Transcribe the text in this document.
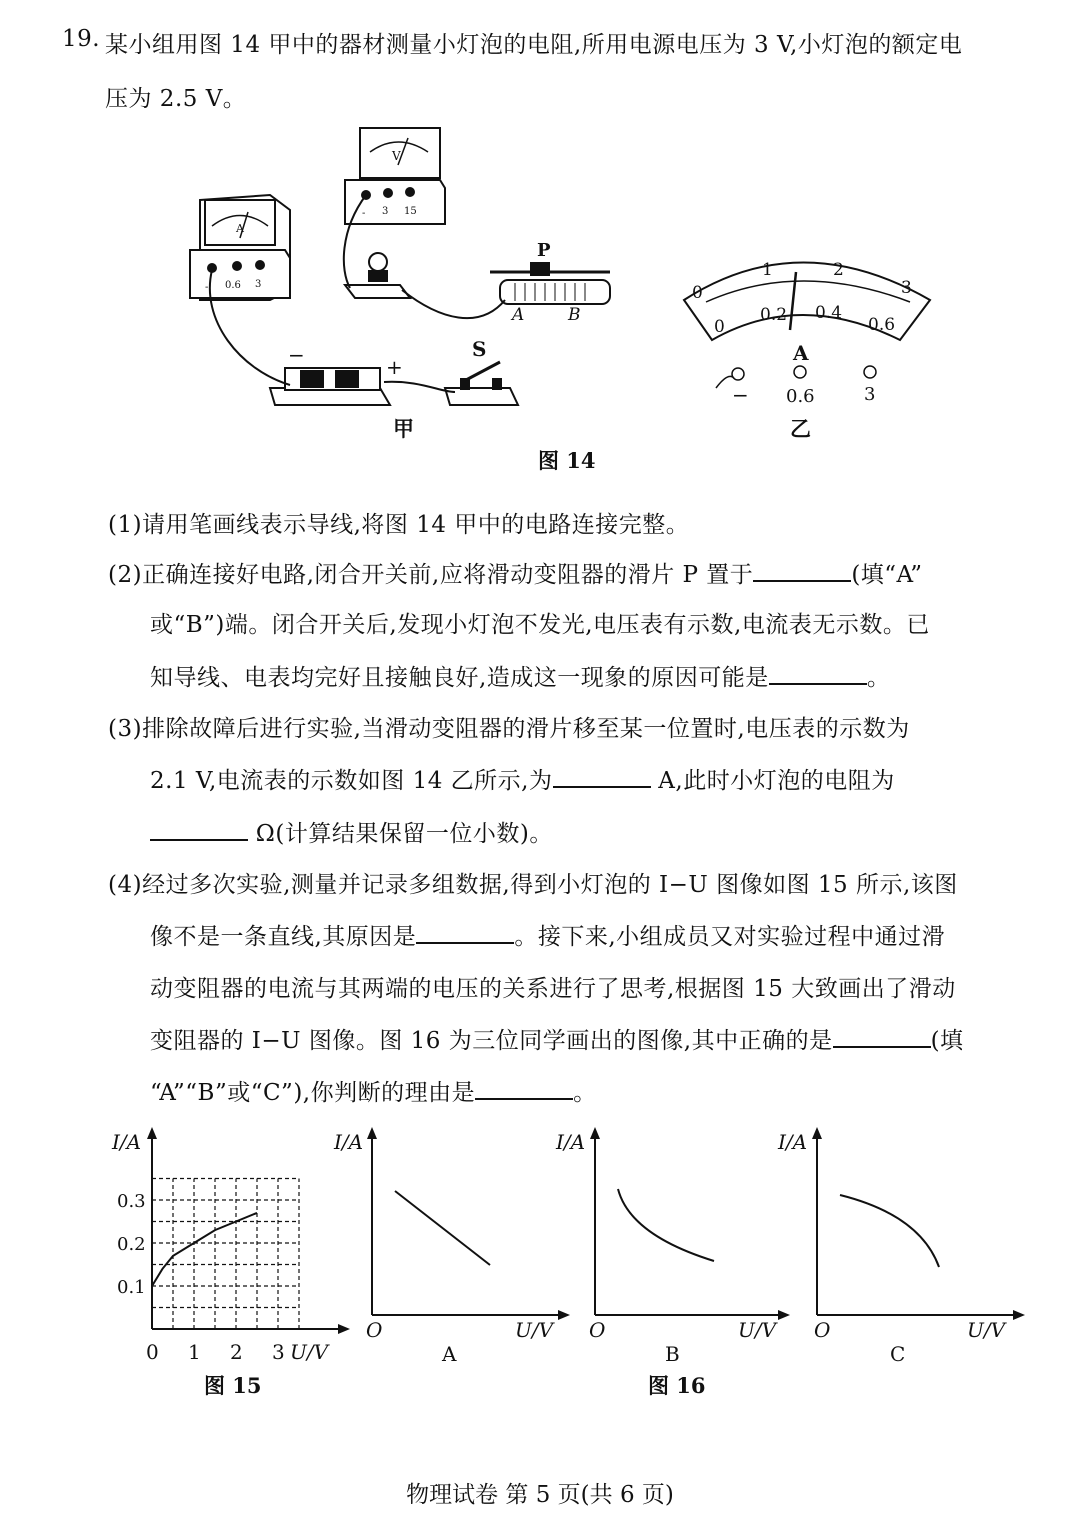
19. 某小组用图 14 甲中的器材测量小灯泡的电阻,所用电源电压为 3 V,小灯泡的额定电
压为 2.5 V。
A
- 0.6 3
V
- 3 15
P
A	B
−	+
S
甲
0
1	2
3
0
0.2 0.4
0.6
A
− 0.6	3
乙
图 14
(1)请用笔画线表示导线,将图 14 甲中的电路连接完整。
(2)正确连接好电路,闭合开关前,应将滑动变阻器的滑片 P 置于	(填“A”
或“B”)端。闭合开关后,发现小灯泡不发光,电压表有示数,电流表无示数。已
知导线、电表均完好且接触良好,造成这一现象的原因可能是	。
(3)排除故障后进行实验,当滑动变阻器的滑片移至某一位置时,电压表的示数为
2.1 V,电流表的示数如图 14 乙所示,为	A,此时小灯泡的电阻为
Ω(计算结果保留一位小数)。
(4)经过多次实验,测量并记录多组数据,得到小灯泡的 I−U 图像如图 15 所示,该图
像不是一条直线,其原因是	。接下来,小组成员又对实验过程中通过滑
动变阻器的电流与其两端的电压的关系进行了思考,根据图 15 大致画出了滑动
变阻器的 I−U 图像。图 16 为三位同学画出的图像,其中正确的是	(填
“A”“B”或“C”),你判断的理由是	。
I/A
U/V
0 1 2 3
0.1
0.2
0.3
图 15
I/A
O	U/V
A
I/A
O	U/V
B
I/A
O	U/V
C
图 16
物理试卷 第 5 页(共 6 页)
